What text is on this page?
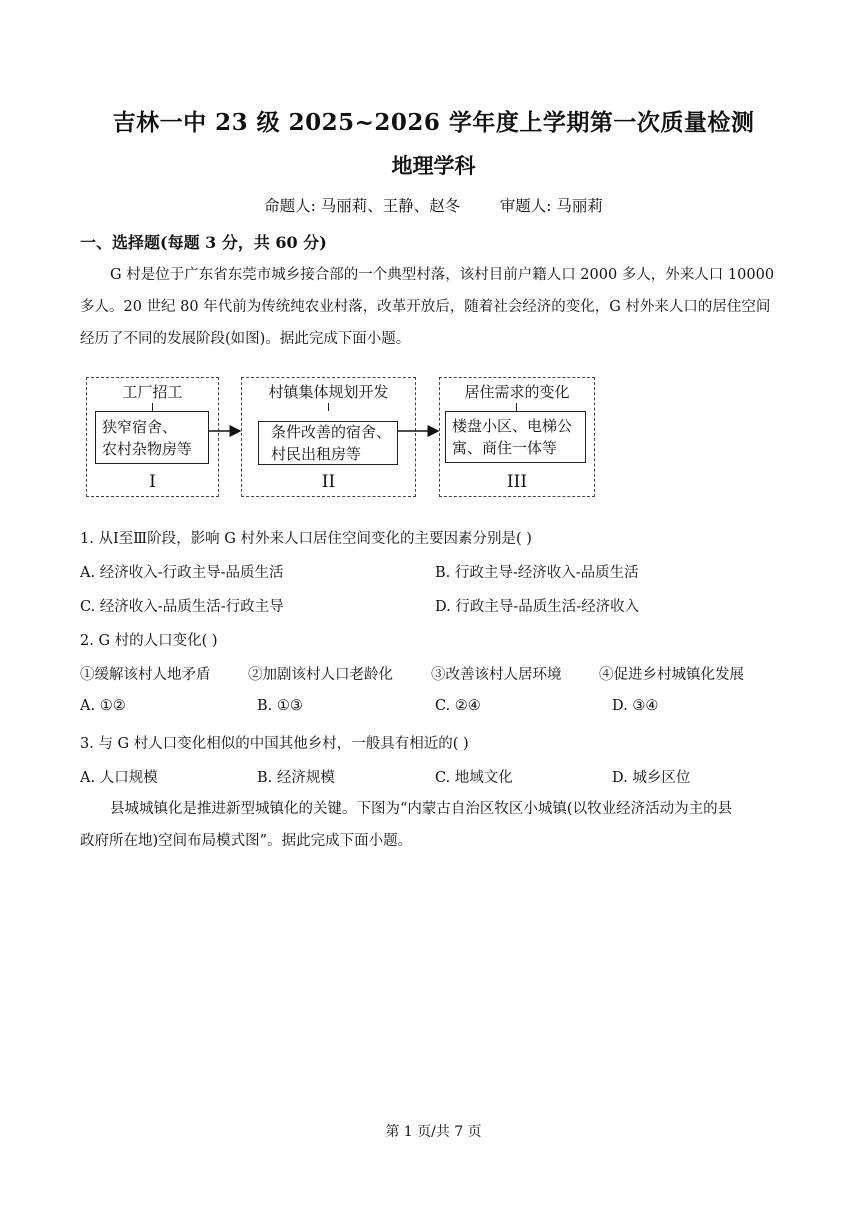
吉林一中 23 级 2025~2026 学年度上学期第一次质量检测
地理学科
命题人: 马丽莉、王静、赵冬        审题人: 马丽莉
一、选择题(每题 3 分，共 60 分)
G 村是位于广东省东莞市城乡接合部的一个典型村落，该村目前户籍人口 2000 多人，外来人口 10000
多人。20 世纪 80 年代前为传统纯农业村落，改革开放后，随着社会经济的变化，G 村外来人口的居住空间
经历了不同的发展阶段(如图)。据此完成下面小题。
工厂招工
狭窄宿舍、
农村杂物房等
I
村镇集体规划开发
条件改善的宿舍、
村民出租房等
II
居住需求的变化
楼盘小区、电梯公
寓、商住一体等
III
1. 从Ⅰ至Ⅲ阶段，影响 G 村外来人口居住空间变化的主要因素分别是( )
A. 经济收入-行政主导-品质生活	B. 行政主导-经济收入-品质生活
C. 经济收入-品质生活-行政主导	D. 行政主导-品质生活-经济收入
2. G 村的人口变化( )
①缓解该村人地矛盾	②加剧该村人口老龄化	③改善该村人居环境	④促进乡村城镇化发展
A. ①②	B. ①③	C. ②④	D. ③④
3. 与 G 村人口变化相似的中国其他乡村，一般具有相近的( )
A. 人口规模	B. 经济规模	C. 地域文化	D. 城乡区位
县城城镇化是推进新型城镇化的关键。下图为“内蒙古自治区牧区小城镇(以牧业经济活动为主的县
政府所在地)空间布局模式图”。据此完成下面小题。
第 1 页/共 7 页
